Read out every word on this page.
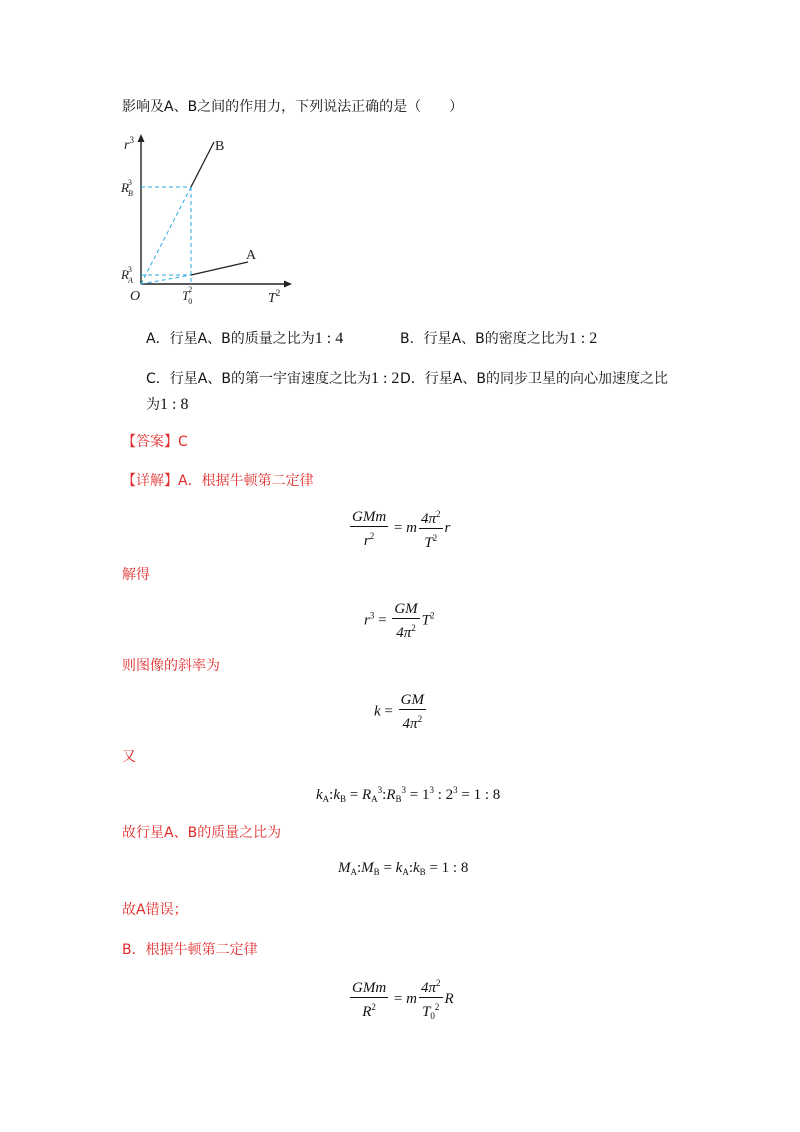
影响及A、B之间的作用力，下列说法正确的是（　　）
$r^3$	B
A
RB3
RA3
O	T02
$T^2$
A．行星A、B的质量之比为1 : 4	B．行星A、B的密度之比为1 : 2
C．行星A、B的第一宇宙速度之比为1 : 2 D．行星A、B的同步卫星的向心加速度之比
为1 : 8
【答案】C
【详解】A．根据牛顿第二定律
$\frac{\text{GMm}}{r^2} = m \frac{4\pi^2}{T^2}$ r
解得
$r^3 = \frac{GM}{4\pi^2} T^2$
则图像的斜率为
$k = \frac{GM}{4\pi^2}$
又
$k_A:k_B$ = $R_A^3:R_B^3 = 1^3$ : $2^3 = 1$ : 8
故行星A、B的质量之比为
$M_A:M_B$ = $k_A:k_B = 1$ : 8
故A错误；
B．根据牛顿第二定律
$\frac{\text{GMm}}{R^2} = m \frac{4\pi^2}{T_0^2}$ R
